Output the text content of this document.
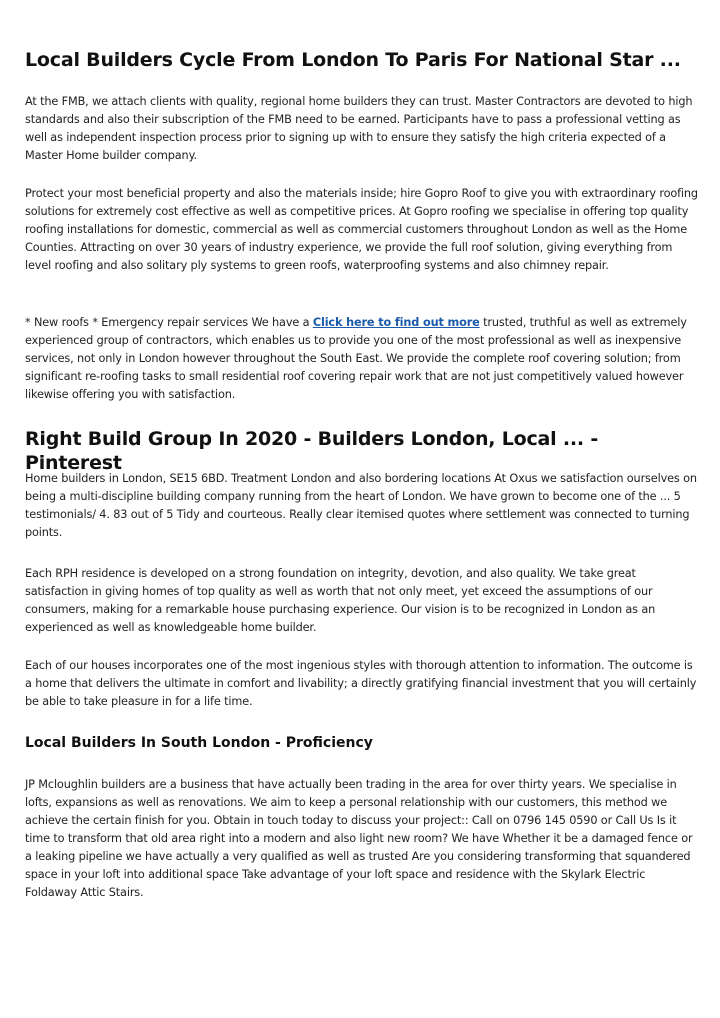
Local Builders Cycle From London To Paris For National Star ...

At the FMB, we attach clients with quality, regional home builders they can trust. Master Contractors are devoted to high standards and also their subscription of the FMB need to be earned. Participants have to pass a professional vetting as well as independent inspection process prior to signing up with to ensure they satisfy the high criteria expected of a Master Home builder company.

Protect your most beneficial property and also the materials inside; hire Gopro Roof to give you with extraordinary roofing solutions for extremely cost effective as well as competitive prices. At Gopro roofing we specialise in offering top quality roofing installations for domestic, commercial as well as commercial customers throughout London as well as the Home Counties. Attracting on over 30 years of industry experience, we provide the full roof solution, giving everything from level roofing and also solitary ply systems to green roofs, waterproofing systems and also chimney repair.

* New roofs * Emergency repair services We have a Click here to find out more trusted, truthful as well as extremely experienced group of contractors, which enables us to provide you one of the most professional as well as inexpensive services, not only in London however throughout the South East. We provide the complete roof covering solution; from significant re-roofing tasks to small residential roof covering repair work that are not just competitively valued however likewise offering you with satisfaction.

Right Build Group In 2020 - Builders London, Local ... - Pinterest

Home builders in London, SE15 6BD. Treatment London and also bordering locations At Oxus we satisfaction ourselves on being a multi-discipline building company running from the heart of London. We have grown to become one of the ... 5 testimonials/ 4. 83 out of 5 Tidy and courteous. Really clear itemised quotes where settlement was connected to turning points.

Each RPH residence is developed on a strong foundation on integrity, devotion, and also quality. We take great satisfaction in giving homes of top quality as well as worth that not only meet, yet exceed the assumptions of our consumers, making for a remarkable house purchasing experience. Our vision is to be recognized in London as an experienced as well as knowledgeable home builder.

Each of our houses incorporates one of the most ingenious styles with thorough attention to information. The outcome is a home that delivers the ultimate in comfort and livability; a directly gratifying financial investment that you will certainly be able to take pleasure in for a life time.

Local Builders In South London - Proficiency

JP Mcloughlin builders are a business that have actually been trading in the area for over thirty years. We specialise in lofts, expansions as well as renovations. We aim to keep a personal relationship with our customers, this method we achieve the certain finish for you. Obtain in touch today to discuss your project:: Call on 0796 145 0590 or Call Us Is it time to transform that old area right into a modern and also light new room? We have Whether it be a damaged fence or a leaking pipeline we have actually a very qualified as well as trusted Are you considering transforming that squandered space in your loft into additional space Take advantage of your loft space and residence with the Skylark Electric Foldaway Attic Stairs.
